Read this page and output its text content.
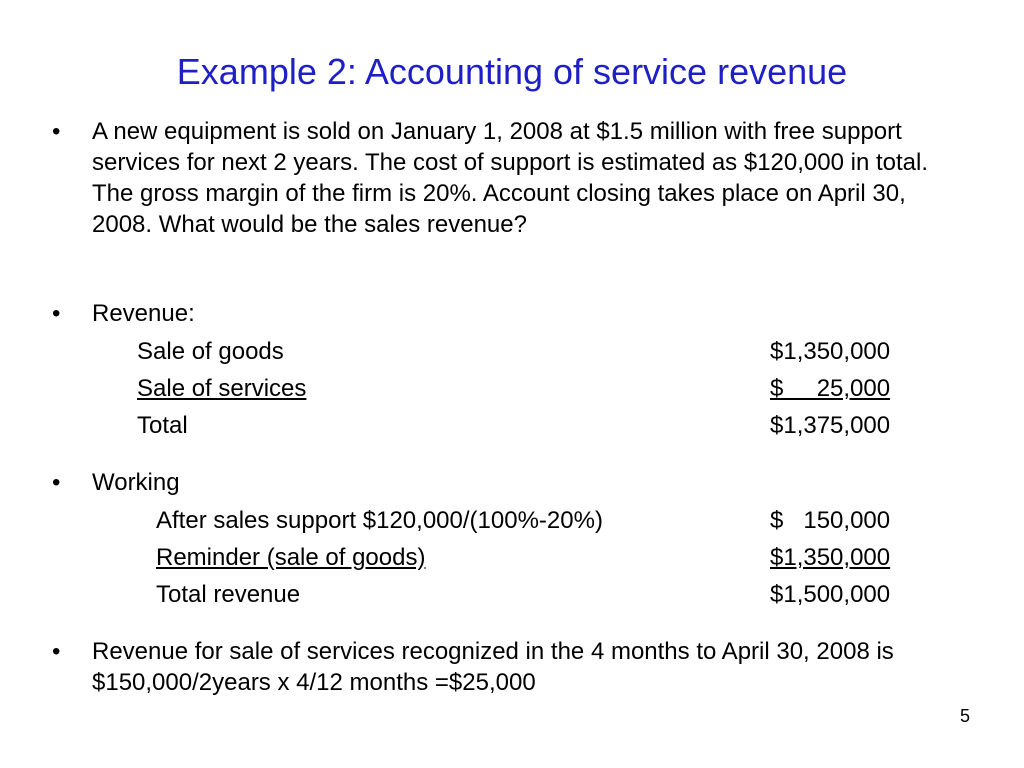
Example 2: Accounting of service revenue
•	A new equipment is sold on January 1, 2008 at $1.5 million with free support services for next 2 years. The cost of support is estimated as $120,000 in total. The gross margin of the firm is 20%. Account closing takes place on April 30, 2008. What would be the sales revenue?
•	Revenue:
Sale of goods	$1,350,000
Sale of services	$     25,000
Total	$1,375,000
•	Working
After sales support $120,000/(100%-20%)	$   150,000
Reminder (sale of goods)	$1,350,000
Total revenue	$1,500,000
•	Revenue for sale of services recognized in the 4 months to April 30, 2008 is $150,000/2years x 4/12 months =$25,000
5
